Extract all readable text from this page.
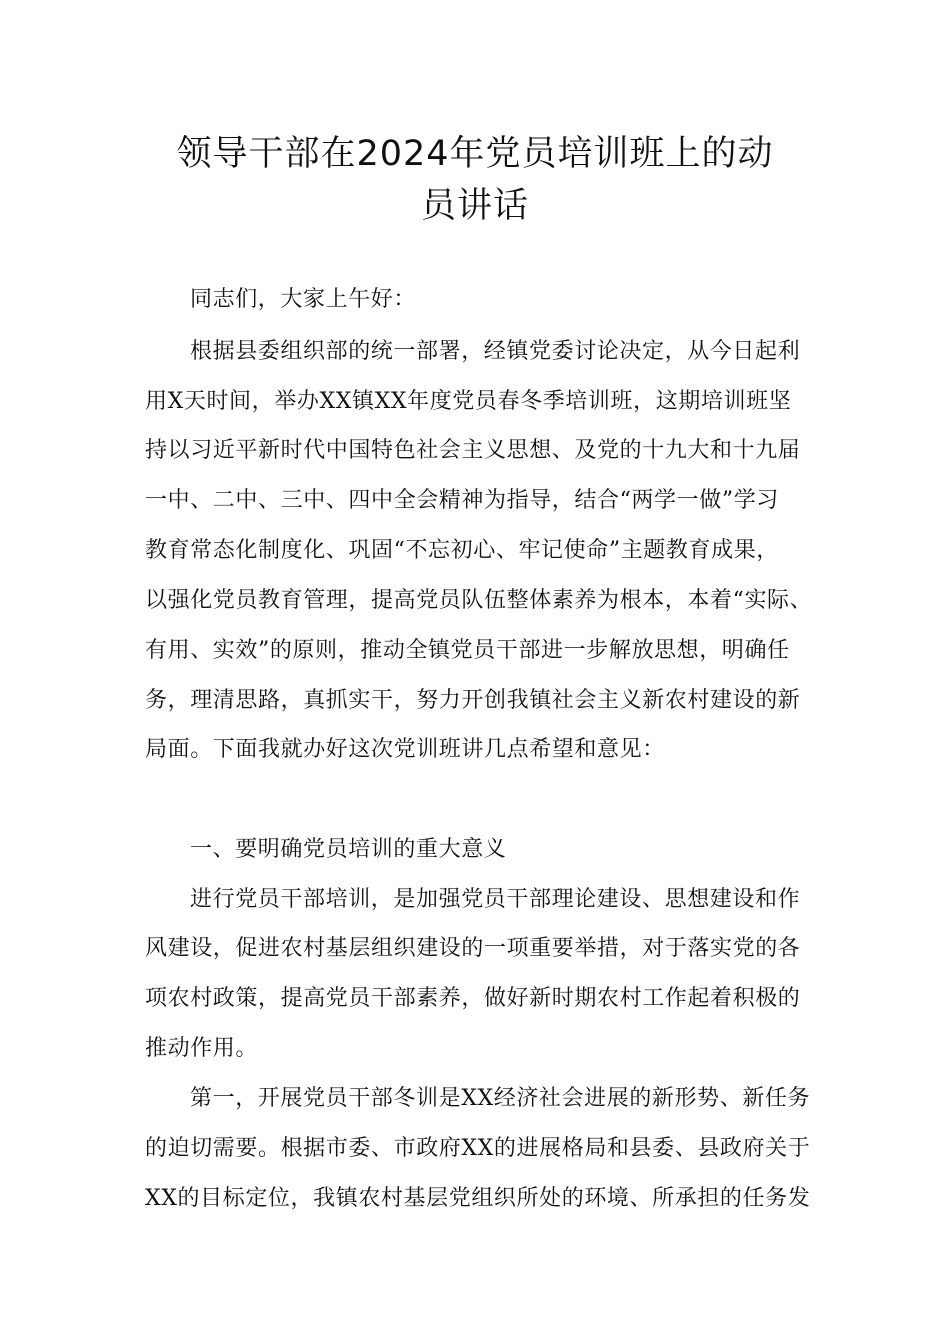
领导干部在2024年党员培训班上的动
员讲话
同志们，大家上午好：
根据县委组织部的统一部署，经镇党委讨论决定，从今日起利
用X天时间，举办XX镇XX年度党员春冬季培训班，这期培训班坚
持以习近平新时代中国特色社会主义思想、及党的十九大和十九届
一中、二中、三中、四中全会精神为指导，结合“两学一做”学习
教育常态化制度化、巩固“不忘初心、牢记使命”主题教育成果，
以强化党员教育管理，提高党员队伍整体素养为根本，本着“实际、
有用、实效”的原则，推动全镇党员干部进一步解放思想，明确任
务，理清思路，真抓实干，努力开创我镇社会主义新农村建设的新
局面。下面我就办好这次党训班讲几点希望和意见：
一、要明确党员培训的重大意义
进行党员干部培训，是加强党员干部理论建设、思想建设和作
风建设，促进农村基层组织建设的一项重要举措，对于落实党的各
项农村政策，提高党员干部素养，做好新时期农村工作起着积极的
推动作用。
第一，开展党员干部冬训是XX经济社会进展的新形势、新任务
的迫切需要。根据市委、市政府XX的进展格局和县委、县政府关于
XX的目标定位，我镇农村基层党组织所处的环境、所承担的任务发
